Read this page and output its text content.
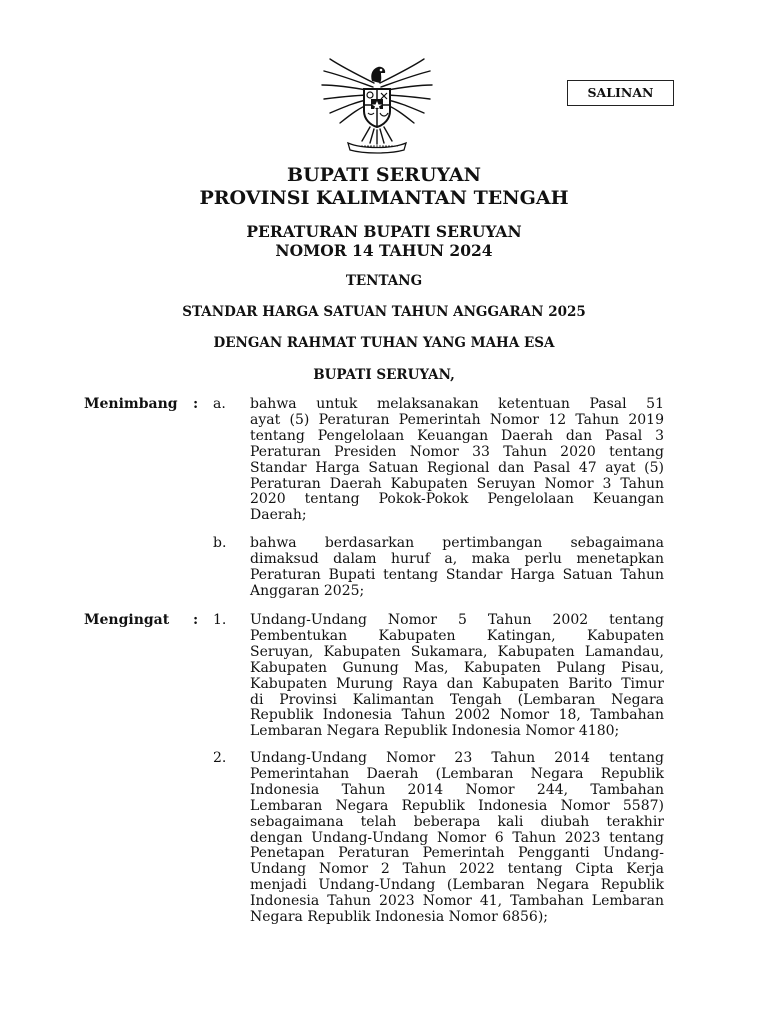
SALINAN
BUPATI SERUYAN
PROVINSI KALIMANTAN TENGAH
PERATURAN BUPATI SERUYAN
NOMOR 14 TAHUN 2024
TENTANG
STANDAR HARGA SATUAN TAHUN ANGGARAN 2025
DENGAN RAHMAT TUHAN YANG MAHA ESA
BUPATI SERUYAN,
Menimbang : a. bahwa untuk melaksanakan ketentuan Pasal 51
ayat (5) Peraturan Pemerintah Nomor 12 Tahun 2019
tentang Pengelolaan Keuangan Daerah dan Pasal 3
Peraturan Presiden Nomor 33 Tahun 2020 tentang
Standar Harga Satuan Regional dan Pasal 47 ayat (5)
Peraturan Daerah Kabupaten Seruyan Nomor 3 Tahun
2020 tentang Pokok-Pokok Pengelolaan Keuangan
Daerah;
b. bahwa berdasarkan pertimbangan sebagaimana
dimaksud dalam huruf a, maka perlu menetapkan
Peraturan Bupati tentang Standar Harga Satuan Tahun
Anggaran 2025;
Mengingat : 1. Undang-Undang Nomor 5 Tahun 2002 tentang
Pembentukan Kabupaten Katingan, Kabupaten
Seruyan, Kabupaten Sukamara, Kabupaten Lamandau,
Kabupaten Gunung Mas, Kabupaten Pulang Pisau,
Kabupaten Murung Raya dan Kabupaten Barito Timur
di Provinsi Kalimantan Tengah (Lembaran Negara
Republik Indonesia Tahun 2002 Nomor 18, Tambahan
Lembaran Negara Republik Indonesia Nomor 4180;
2. Undang-Undang Nomor 23 Tahun 2014 tentang
Pemerintahan Daerah (Lembaran Negara Republik
Indonesia Tahun 2014 Nomor 244, Tambahan
Lembaran Negara Republik Indonesia Nomor 5587)
sebagaimana telah beberapa kali diubah terakhir
dengan Undang-Undang Nomor 6 Tahun 2023 tentang
Penetapan Peraturan Pemerintah Pengganti Undang-
Undang Nomor 2 Tahun 2022 tentang Cipta Kerja
menjadi Undang-Undang (Lembaran Negara Republik
Indonesia Tahun 2023 Nomor 41, Tambahan Lembaran
Negara Republik Indonesia Nomor 6856);
